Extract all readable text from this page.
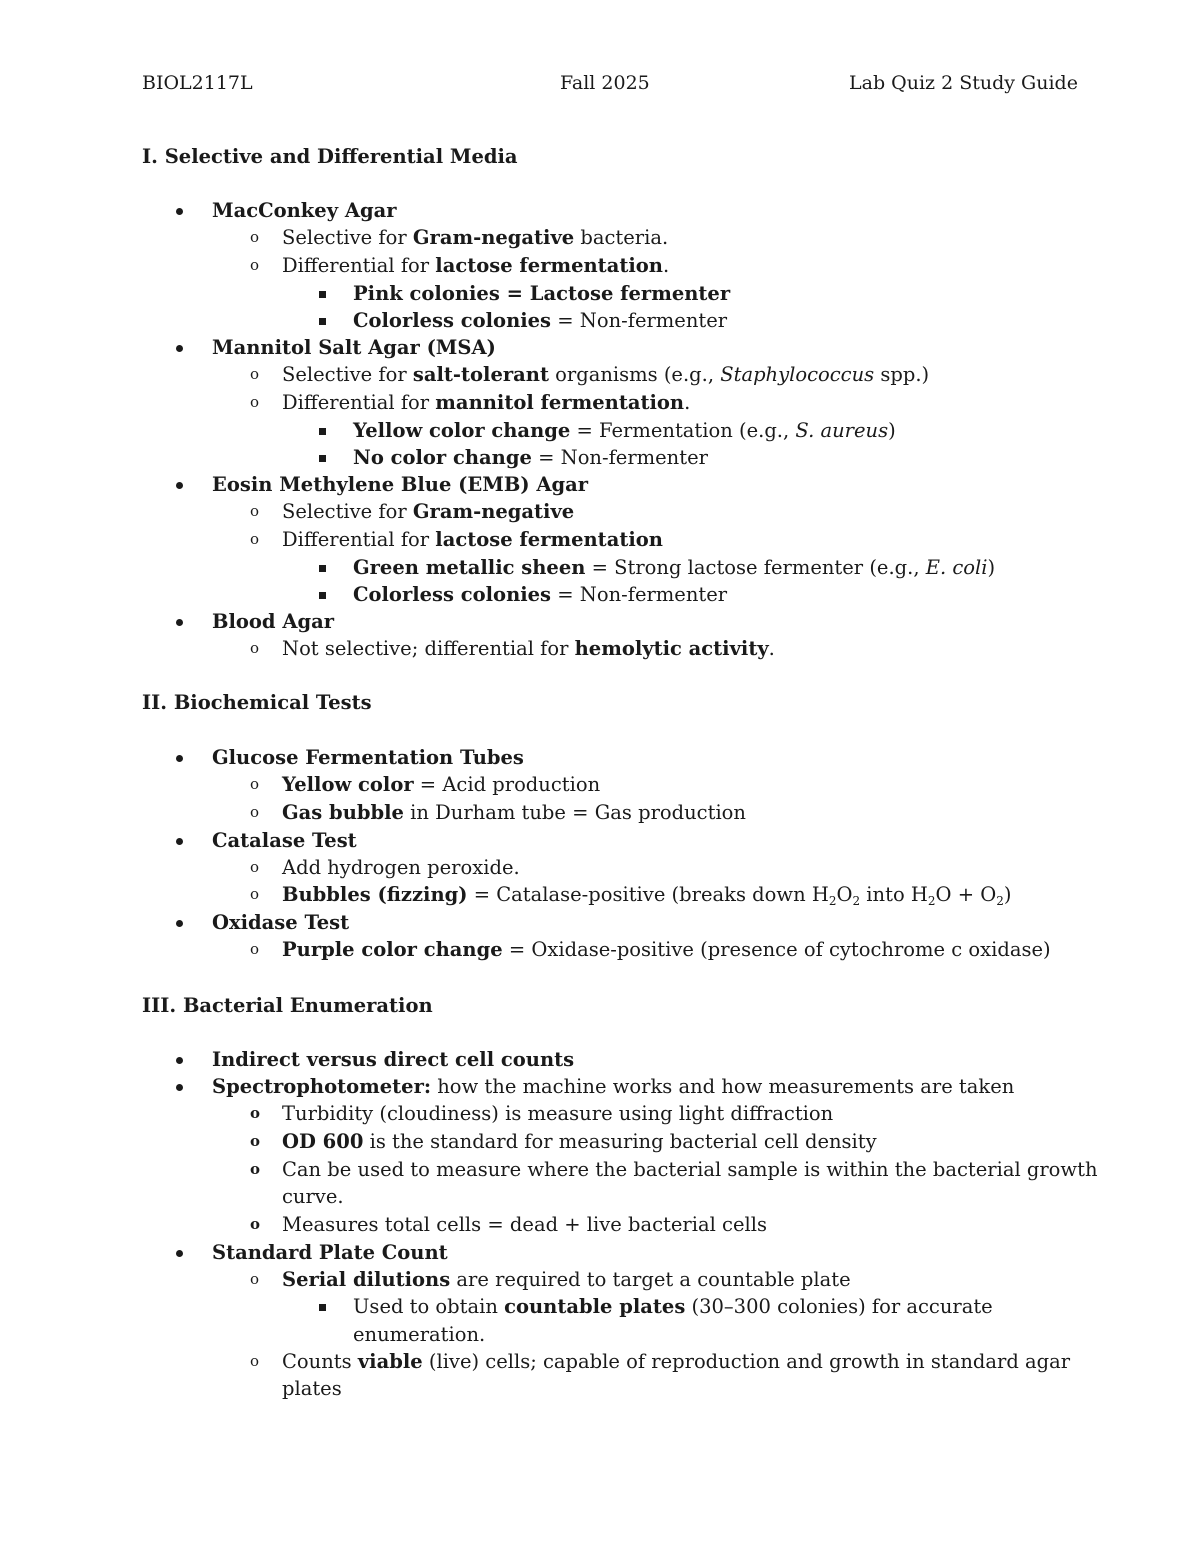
BIOL2117L	Fall 2025	Lab Quiz 2 Study Guide
I. Selective and Differential Media
MacConkey Agar
o Selective for Gram-negative bacteria.
o Differential for lactose fermentation.
Pink colonies = Lactose fermenter
Colorless colonies = Non-fermenter
Mannitol Salt Agar (MSA)
o Selective for salt-tolerant organisms (e.g., Staphylococcus spp.)
o Differential for mannitol fermentation.
Yellow color change = Fermentation (e.g., S. aureus)
No color change = Non-fermenter
Eosin Methylene Blue (EMB) Agar
o Selective for Gram-negative
o Differential for lactose fermentation
Green metallic sheen = Strong lactose fermenter (e.g., E. coli)
Colorless colonies = Non-fermenter
Blood Agar
o Not selective; differential for hemolytic activity.
II. Biochemical Tests
Glucose Fermentation Tubes
o Yellow color = Acid production
o Gas bubble in Durham tube = Gas production
Catalase Test
o Add hydrogen peroxide.
o Bubbles (fizzing) = Catalase-positive (breaks down $H_2O_2$ into $H_2O + O_2$)
Oxidase Test
o Purple color change = Oxidase-positive (presence of cytochrome c oxidase)
III. Bacterial Enumeration
Indirect versus direct cell counts
Spectrophotometer: how the machine works and how measurements are taken
o Turbidity (cloudiness) is measure using light diffraction
o OD 600 is the standard for measuring bacterial cell density
o Can be used to measure where the bacterial sample is within the bacterial growth
curve.
o Measures total cells = dead + live bacterial cells
Standard Plate Count
o Serial dilutions are required to target a countable plate
Used to obtain countable plates (30–300 colonies) for accurate
enumeration.
o Counts viable (live) cells; capable of reproduction and growth in standard agar
plates
